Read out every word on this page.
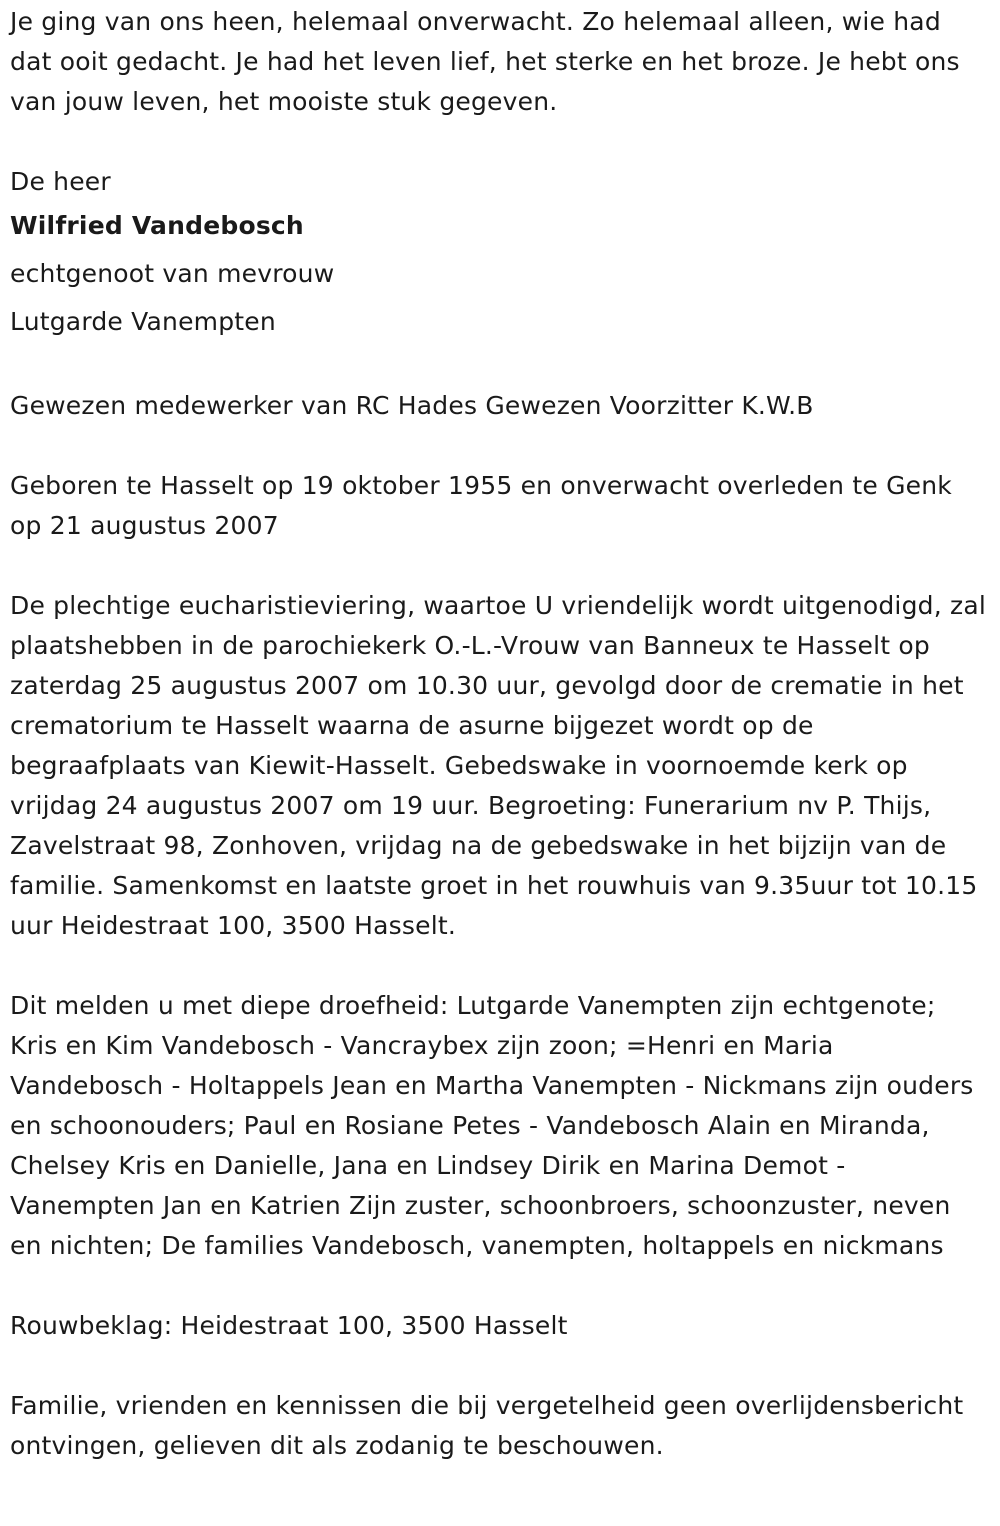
Je ging van ons heen, helemaal onverwacht. Zo helemaal alleen, wie had dat ooit gedacht. Je had het leven lief, het sterke en het broze. Je hebt ons van jouw leven, het mooiste stuk gegeven.

De heer

Wilfried Vandebosch

echtgenoot van mevrouw

Lutgarde Vanempten

Gewezen medewerker van RC Hades Gewezen Voorzitter K.W.B

Geboren te Hasselt op 19 oktober 1955 en onverwacht overleden te Genk op 21 augustus 2007

De plechtige eucharistieviering, waartoe U vriendelijk wordt uitgenodigd, zal plaatshebben in de parochiekerk O.-L.-Vrouw van Banneux te Hasselt op zaterdag 25 augustus 2007 om 10.30 uur, gevolgd door de crematie in het crematorium te Hasselt waarna de asurne bijgezet wordt op de begraafplaats van Kiewit-Hasselt. Gebedswake in voornoemde kerk op vrijdag 24 augustus 2007 om 19 uur. Begroeting: Funerarium nv P. Thijs, Zavelstraat 98, Zonhoven, vrijdag na de gebedswake in het bijzijn van de familie. Samenkomst en laatste groet in het rouwhuis van 9.35uur tot 10.15 uur Heidestraat 100, 3500 Hasselt.

Dit melden u met diepe droefheid: Lutgarde Vanempten zijn echtgenote; Kris en Kim Vandebosch - Vancraybex zijn zoon; =Henri en Maria Vandebosch - Holtappels Jean en Martha Vanempten - Nickmans zijn ouders en schoonouders; Paul en Rosiane Petes - Vandebosch Alain en Miranda, Chelsey Kris en Danielle, Jana en Lindsey Dirik en Marina Demot - Vanempten Jan en Katrien Zijn zuster, schoonbroers, schoonzuster, neven en nichten; De families Vandebosch, vanempten, holtappels en nickmans

Rouwbeklag: Heidestraat 100, 3500 Hasselt

Familie, vrienden en kennissen die bij vergetelheid geen overlijdensbericht ontvingen, gelieven dit als zodanig te beschouwen.
